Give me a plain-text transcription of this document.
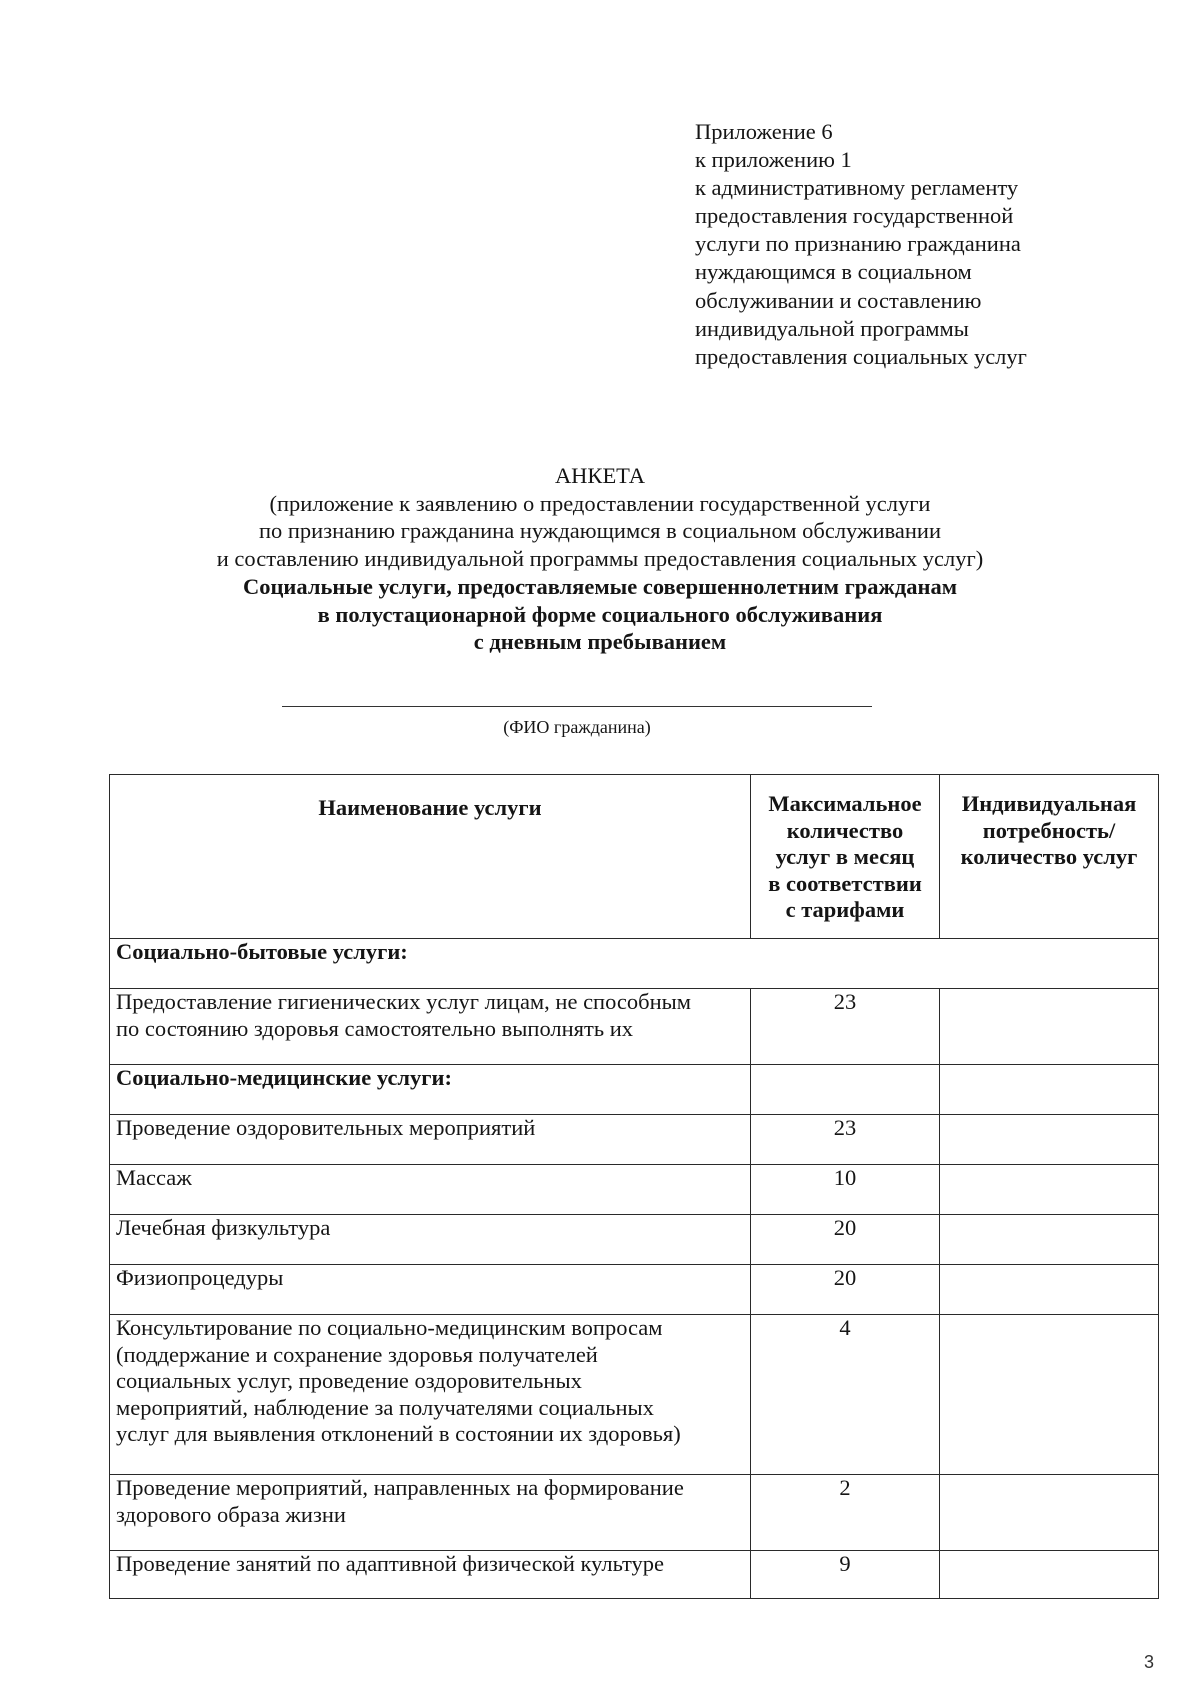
Приложение 6
к приложению 1
к административному регламенту
предоставления государственной
услуги по признанию гражданина
нуждающимся в социальном
обслуживании и составлению
индивидуальной программы
предоставления социальных услуг
АНКЕТА
(приложение к заявлению о предоставлении государственной услуги
по признанию гражданина нуждающимся в социальном обслуживании
и составлению индивидуальной программы предоставления социальных услуг)
Социальные услуги, предоставляемые совершеннолетним гражданам
в полустационарной форме социального обслуживания
с дневным пребыванием
(ФИО гражданина)
Наименование услуги	Максимальное
количество
услуг в месяц
в соответствии
с тарифами	Индивидуальная
потребность/
количество услуг
Социально-бытовые услуги:		
Предоставление гигиенических услуг лицам, не способным
по состоянию здоровья самостоятельно выполнять их	23	
Социально-медицинские услуги:		
Проведение оздоровительных мероприятий	23	
Массаж	10	
Лечебная физкультура	20	
Физиопроцедуры	20	
Консультирование по социально-медицинским вопросам
(поддержание и сохранение здоровья получателей
социальных услуг, проведение оздоровительных
мероприятий, наблюдение за получателями социальных
услуг для выявления отклонений в состоянии их здоровья)	4	
Проведение мероприятий, направленных на формирование
здорового образа жизни	2	
Проведение занятий по адаптивной физической культуре	9	
3
